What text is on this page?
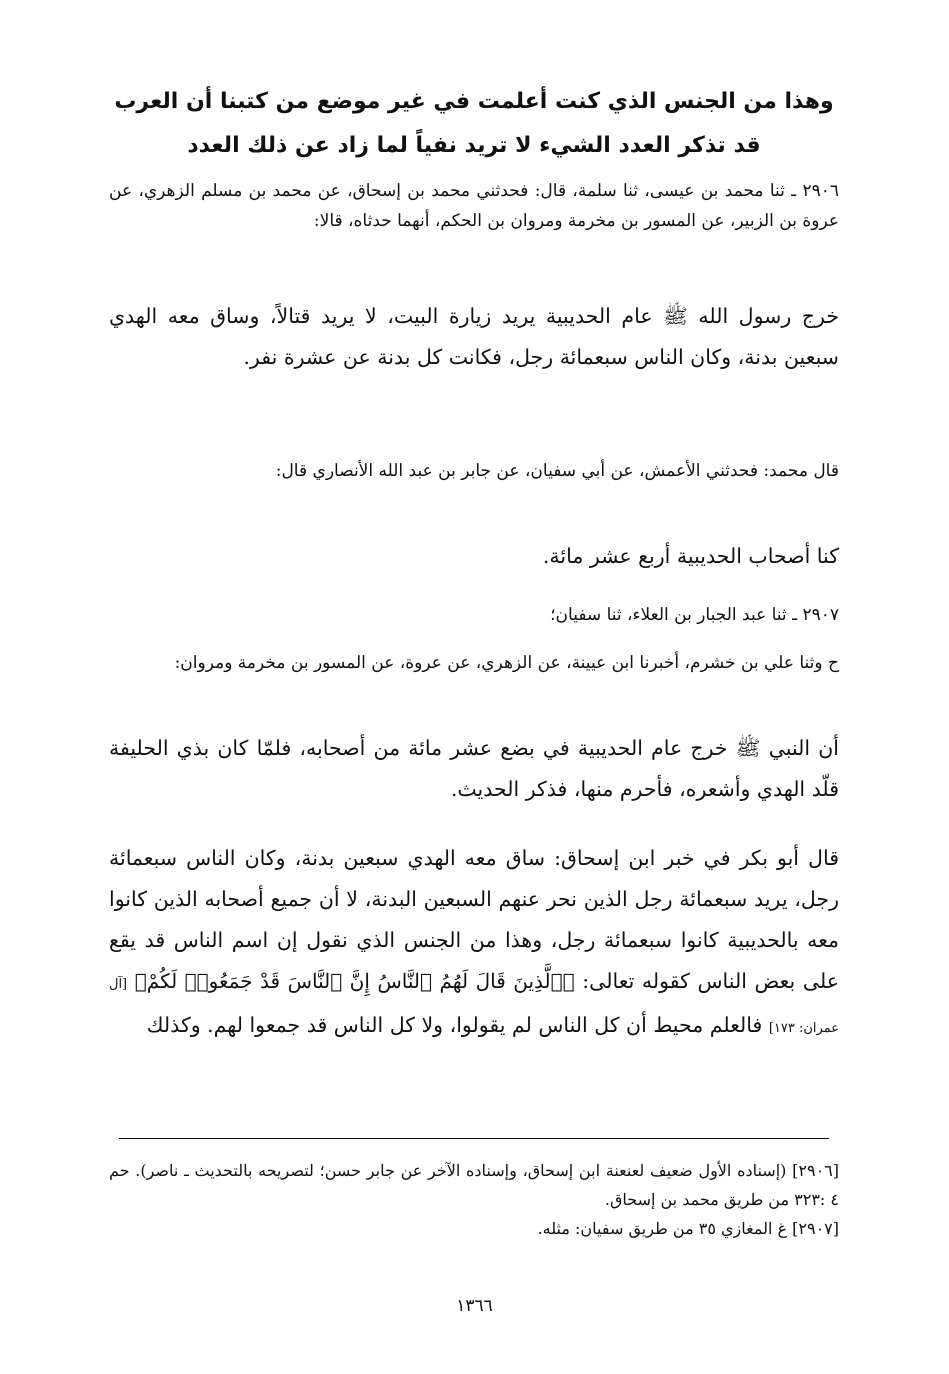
وهذا من الجنس الذي كنت أعلمت في غير موضع من كتبنا أن العرب قد تذكر العدد الشيء لا تريد نفياً لما زاد عن ذلك العدد

٢٩٠٦ ـ ثنا محمد بن عيسى، ثنا سلمة، قال: فحدثني محمد بن إسحاق، عن محمد بن مسلم الزهري، عن عروة بن الزبير، عن المسور بن مخرمة ومروان بن الحكم، أنهما حدثاه، قالا:

خرج رسول الله ﷺ عام الحديبية يريد زيارة البيت، لا يريد قتالاً، وساق معه الهدي سبعين بدنة، وكان الناس سبعمائة رجل، فكانت كل بدنة عن عشرة نفر.

قال محمد: فحدثني الأعمش، عن أبي سفيان، عن جابر بن عبد الله الأنصاري قال:

كنا أصحاب الحديبية أربع عشر مائة.

٢٩٠٧ ـ ثنا عبد الجبار بن العلاء، ثنا سفيان؛

ح وثنا علي بن خشرم، أخبرنا ابن عيينة، عن الزهري، عن عروة، عن المسور بن مخرمة ومروان:

أن النبي ﷺ خرج عام الحديبية في بضع عشر مائة من أصحابه، فلمّا كان بذي الحليفة قلّد الهدي وأشعره، فأحرم منها، فذكر الحديث.

قال أبو بكر في خبر ابن إسحاق: ساق معه الهدي سبعين بدنة، وكان الناس سبعمائة رجل، يريد سبعمائة رجل الذين نحر عنهم السبعين البدنة، لا أن جميع أصحابه الذين كانوا معه بالحديبية كانوا سبعمائة رجل، وهذا من الجنس الذي نقول إن اسم الناس قد يقع على بعض الناس كقوله تعالى: ﴿ٱلَّذِينَ قَالَ لَهُمُ ٱلنَّاسُ إِنَّ ٱلنَّاسَ قَدْ جَمَعُوا۟ لَكُمْ﴾ [آل عمران: ١٧٣] فالعلم محيط أن كل الناس لم يقولوا، ولا كل الناس قد جمعوا لهم. وكذلك

[٢٩٠٦] (إسناده الأول ضعيف لعنعنة ابن إسحاق، وإسناده الآخر عن جابر حسن؛ لتصريحه بالتحديث ـ ناصر). حم ٤ :٣٢٣ من طريق محمد بن إسحاق.

[٢٩٠٧] غ المغازي ٣٥ من طريق سفيان: مثله.

١٣٦٦
